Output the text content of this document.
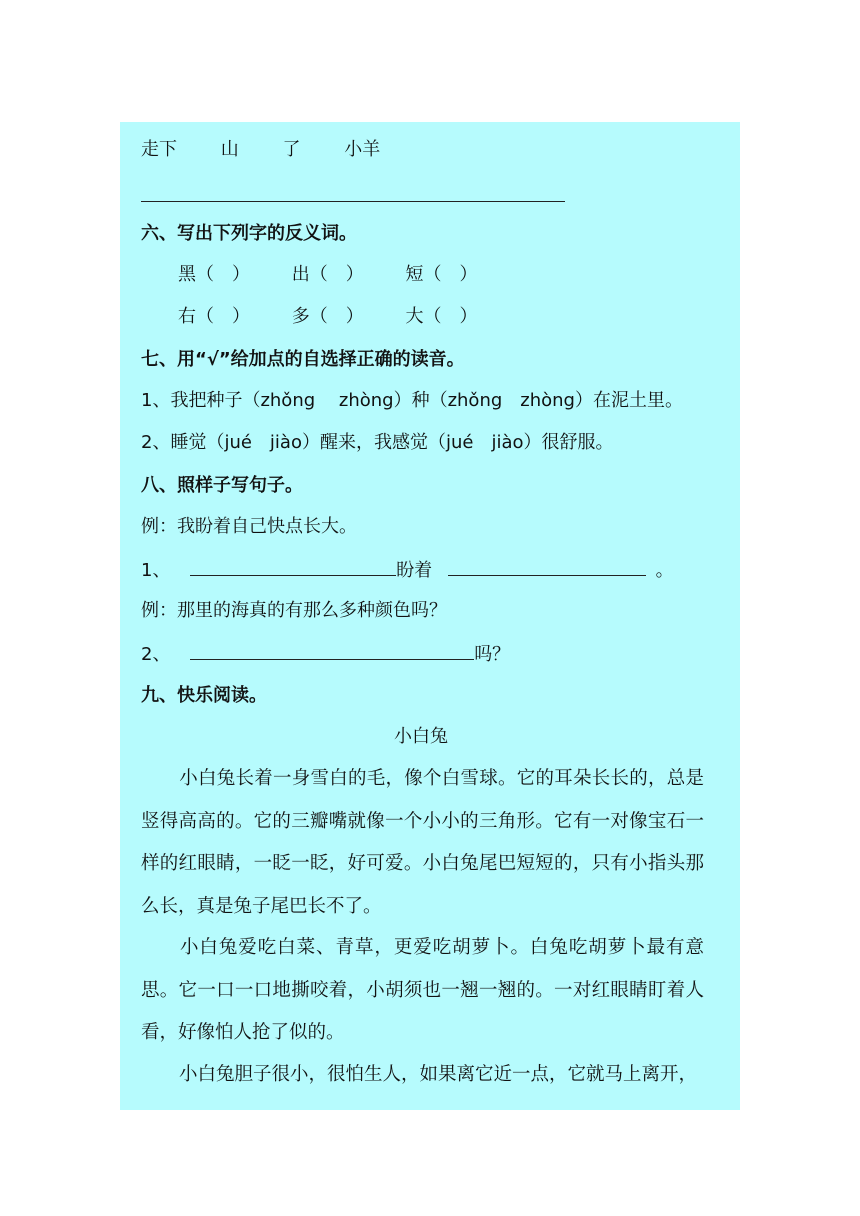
走下 山 了 小羊
六、写出下列字的反义词。
黑（　） 出（　） 短（　）
右（　） 多（　） 大（　）
七、用“√”给加点的自选择正确的读音。
1、我把种子（zhǒng　 zhòng）种（zhǒng　zhòng）在泥土里。
2、睡觉（jué　jiào）醒来，我感觉（jué　jiào）很舒服。
八、照样子写句子。
例：我盼着自己快点长大。
1、	盼着	。
例：那里的海真的有那么多种颜色吗？
2、	吗？
九、快乐阅读。
小白兔
小白兔长着一身雪白的毛，像个白雪球。它的耳朵长长的，总是竖得高高的。它的三瓣嘴就像一个小小的三角形。它有一对像宝石一样的红眼睛，一眨一眨，好可爱。小白兔尾巴短短的，只有小指头那么长，真是兔子尾巴长不了。
小白兔爱吃白菜、青草，更爱吃胡萝卜。白兔吃胡萝卜最有意思。它一口一口地撕咬着，小胡须也一翘一翘的。一对红眼睛盯着人看，好像怕人抢了似的。
小白兔胆子很小，很怕生人，如果离它近一点，它就马上离开，
